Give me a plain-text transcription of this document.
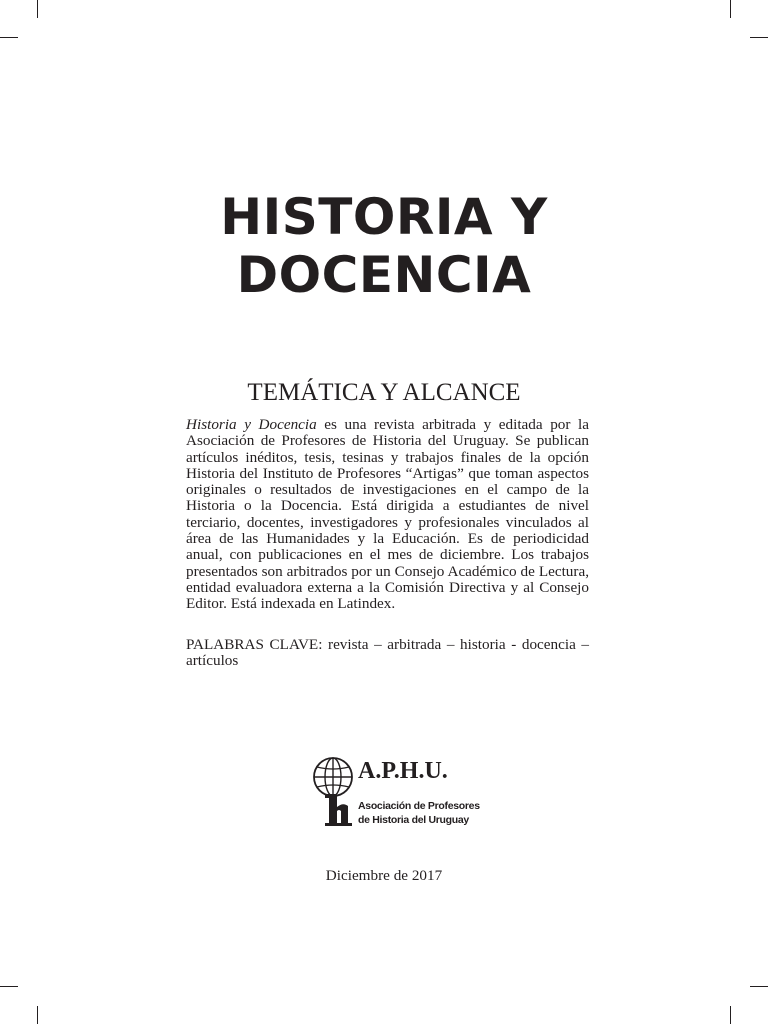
HISTORIA Y
DOCENCIA
TEMÁTICA Y ALCANCE

Historia y Docencia es una revista arbitrada y editada por la Asociación de Profesores de Historia del Uruguay. Se publican artículos inéditos, tesis, tesinas y trabajos finales de la opción Historia del Instituto de Profesores “Artigas” que toman aspectos originales o resultados de investigaciones en el campo de la Historia o la Docencia. Está dirigida a estudiantes de nivel terciario, docentes, investigadores y profesionales vinculados al área de las Humanidades y la Educación. Es de periodicidad anual, con publicaciones en el mes de diciembre. Los trabajos presentados son arbitrados por un Consejo Académico de Lectura, entidad evaluadora externa a la Comisión Directiva y al Consejo Editor. Está indexada en Latindex.

PALABRAS CLAVE: revista – arbitrada – historia - docencia – artículos

A.P.H.U.
Asociación de Profesores
de Historia del Uruguay

Diciembre de 2017
